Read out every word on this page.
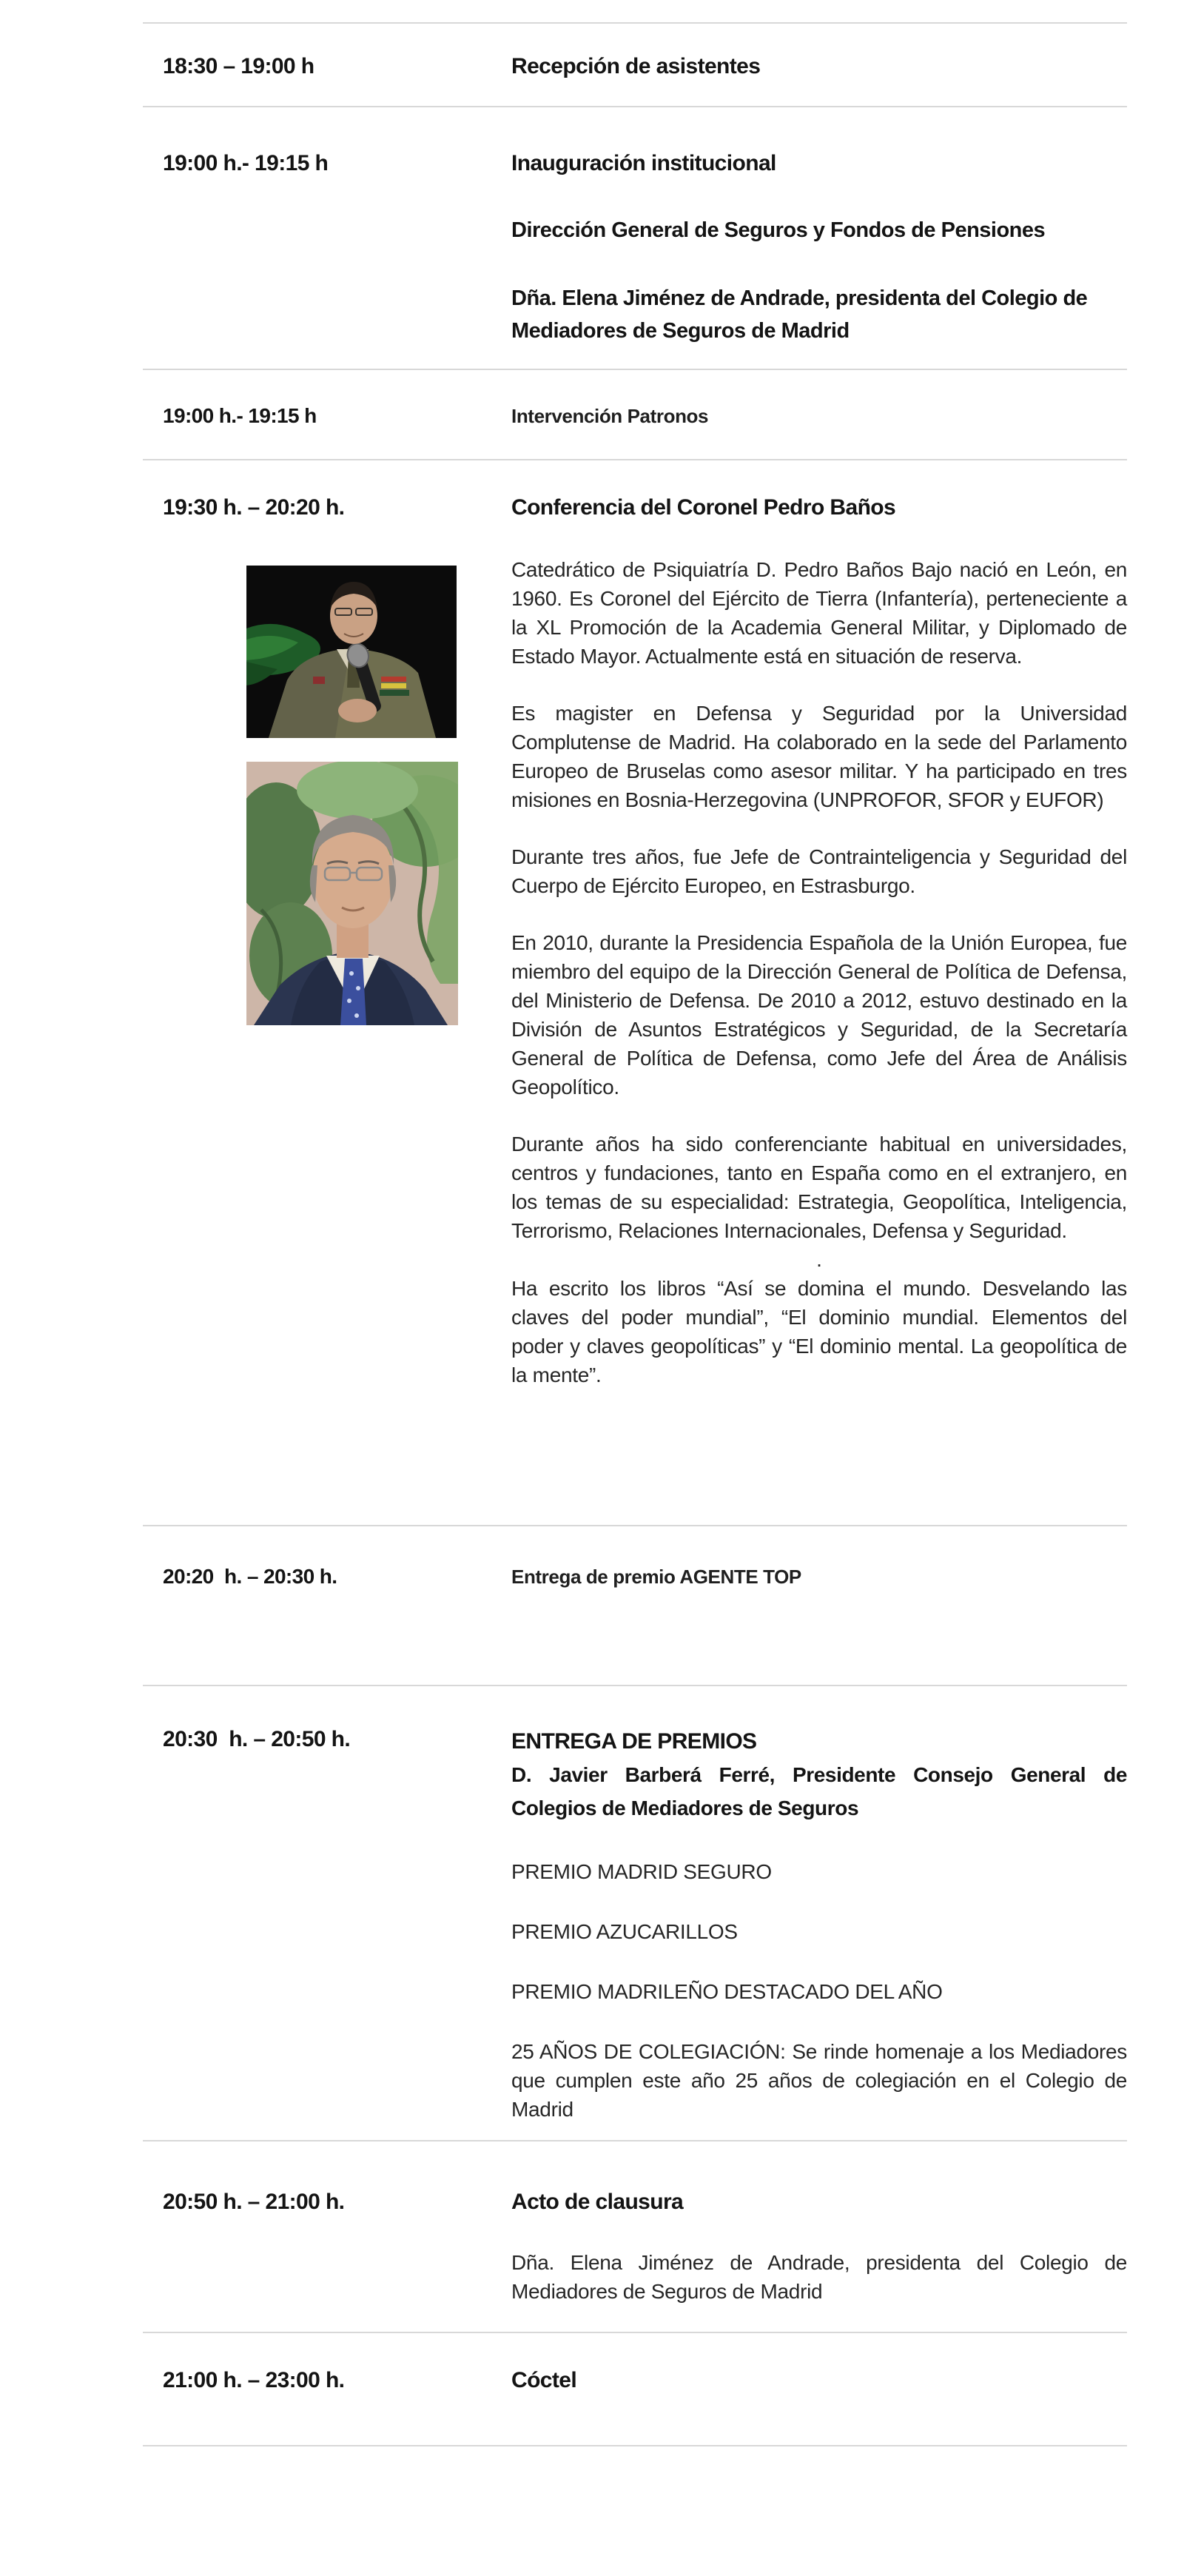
18:30 – 19:00 h	Recepción de asistentes
19:00 h.- 19:15 h	Inauguración institucional
Dirección General de Seguros y Fondos de Pensiones
Dña. Elena Jiménez de Andrade, presidenta del Colegio de Mediadores de Seguros de Madrid
19:00 h.- 19:15 h	Intervención Patronos
19:30 h. – 20:20 h.	Conferencia del Coronel Pedro Baños

Catedrático de Psiquiatría D. Pedro Baños Bajo nació en León, en 1960. Es Coronel del Ejército de Tierra (Infantería), perteneciente a la XL Promoción de la Academia General Militar, y Diplomado de Estado Mayor. Actualmente está en situación de reserva.

Es magister en Defensa y Seguridad por la Universidad Complutense de Madrid. Ha colaborado en la sede del Parlamento Europeo de Bruselas como asesor militar. Y ha participado en tres misiones en Bosnia-Herzegovina (UNPROFOR, SFOR y EUFOR)

Durante tres años, fue Jefe de Contrainteligencia y Seguridad del Cuerpo de Ejército Europeo, en Estrasburgo.

En 2010, durante la Presidencia Española de la Unión Europea, fue miembro del equipo de la Dirección General de Política de Defensa, del Ministerio de Defensa. De 2010 a 2012, estuvo destinado en la División de Asuntos Estratégicos y Seguridad, de la Secretaría General de Política de Defensa, como Jefe del Área de Análisis Geopolítico.

Durante años ha sido conferenciante habitual en universidades, centros y fundaciones, tanto en España como en el extranjero, en los temas de su especialidad: Estrategia, Geopolítica, Inteligencia, Terrorismo, Relaciones Internacionales, Defensa y Seguridad.

.

Ha escrito los libros “Así se domina el mundo. Desvelando las claves del poder mundial”, “El dominio mundial. Elementos del poder y claves geopolíticas” y “El dominio mental. La geopolítica de la mente”.

20:20  h. – 20:30 h.	Entrega de premio AGENTE TOP
20:30  h. – 20:50 h.	ENTREGA DE PREMIOS

D. Javier Barberá Ferré, Presidente Consejo General de Colegios de Mediadores de Seguros

PREMIO MADRID SEGURO
PREMIO AZUCARILLOS
PREMIO MADRILEÑO DESTACADO DEL AÑO

25 AÑOS DE COLEGIACIÓN: Se rinde homenaje a los Mediadores que cumplen este año 25 años de colegiación en el Colegio de Madrid

20:50 h. – 21:00 h.	Acto de clausura

Dña. Elena Jiménez de Andrade, presidenta del Colegio de Mediadores de Seguros de Madrid

21:00 h. – 23:00 h.	Cóctel
